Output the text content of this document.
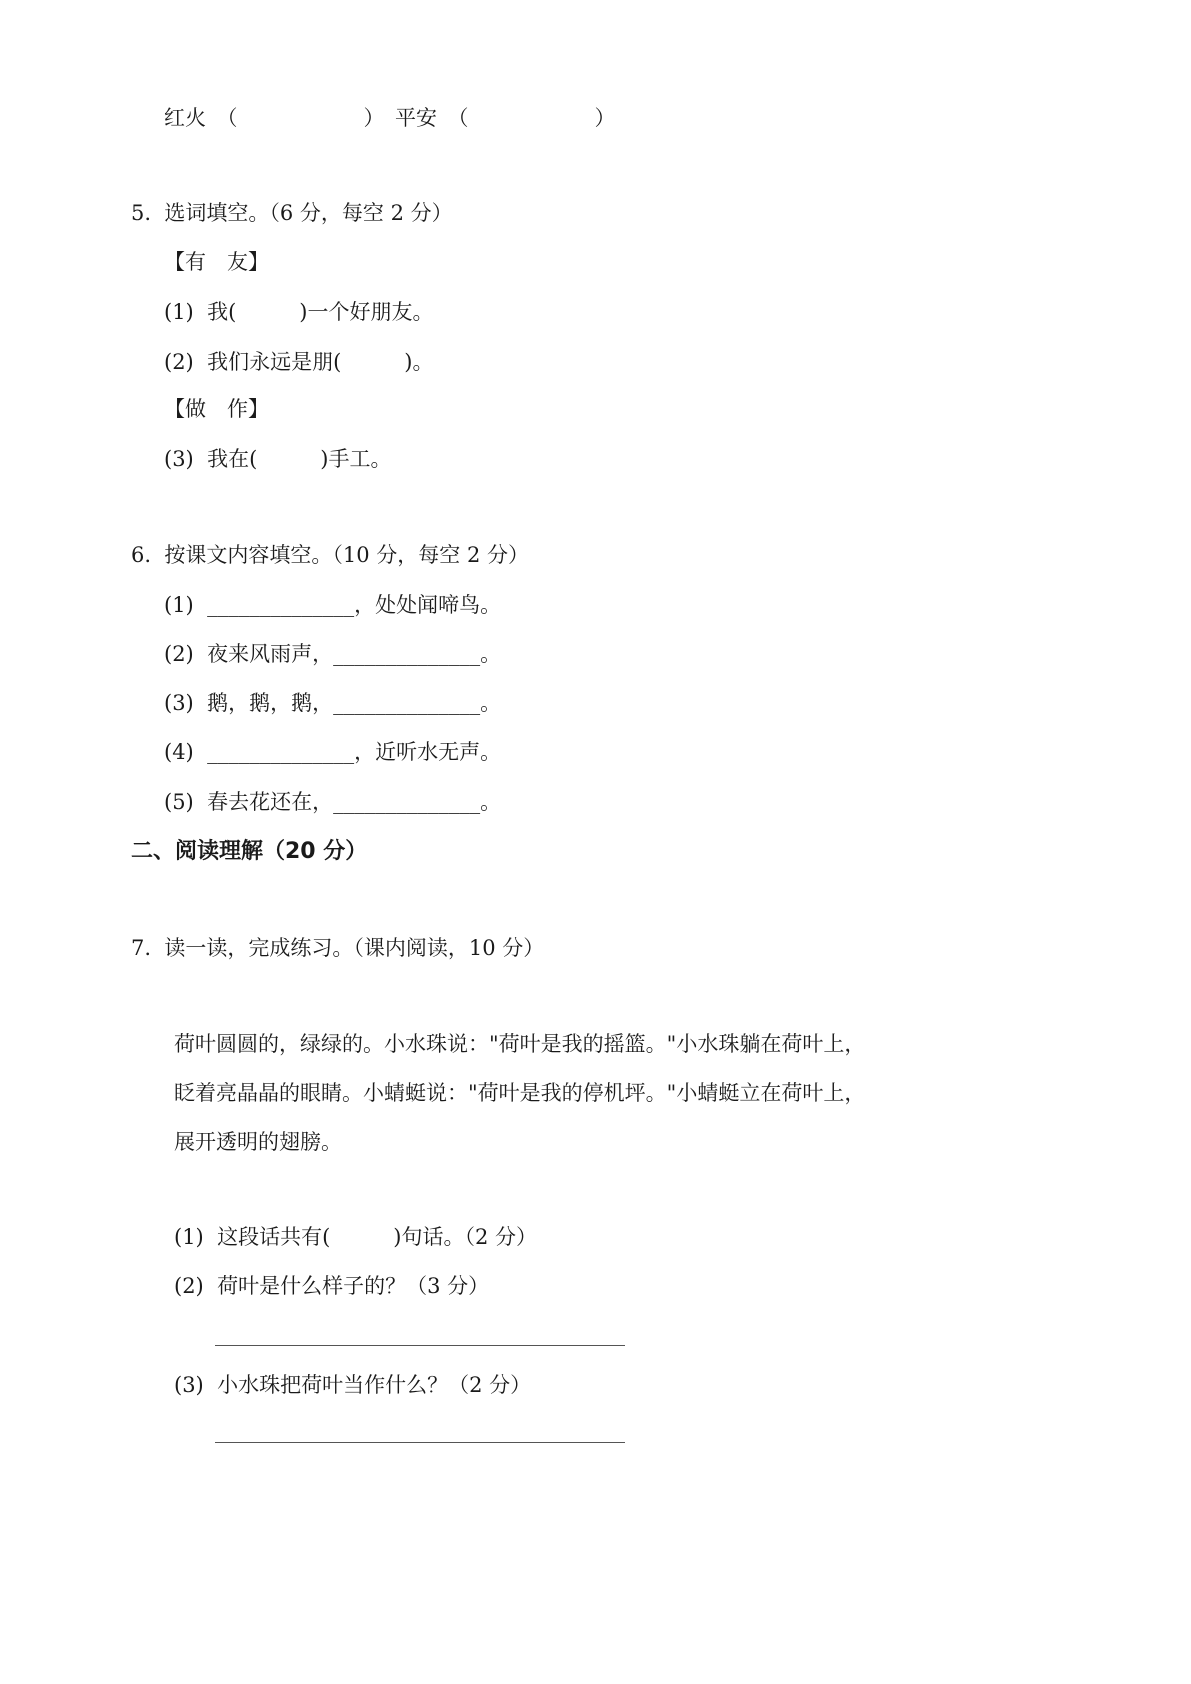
红火　（　　　　　　）　平安　（　　　　　　）
5.  选词填空。（6 分，每空 2 分）
【有　友】
(1)  我(　　　)一个好朋友。
(2)  我们永远是朋(　　　)。
【做　作】
(3)  我在(　　　)手工。
6.  按课文内容填空。（10 分，每空 2 分）
(1)  ______________，处处闻啼鸟。
(2)  夜来风雨声，______________。
(3)  鹅，鹅，鹅，______________。
(4)  ______________，近听水无声。
(5)  春去花还在，______________。
二、阅读理解（20 分）
7.  读一读，完成练习。（课内阅读，10 分）
荷叶圆圆的，绿绿的。小水珠说："荷叶是我的摇篮。"小水珠躺在荷叶上，
眨着亮晶晶的眼睛。小蜻蜓说："荷叶是我的停机坪。"小蜻蜓立在荷叶上，
展开透明的翅膀。
(1)  这段话共有(　　　)句话。（2 分）
(2)  荷叶是什么样子的？（3 分）
(3)  小水珠把荷叶当作什么？（2 分）
